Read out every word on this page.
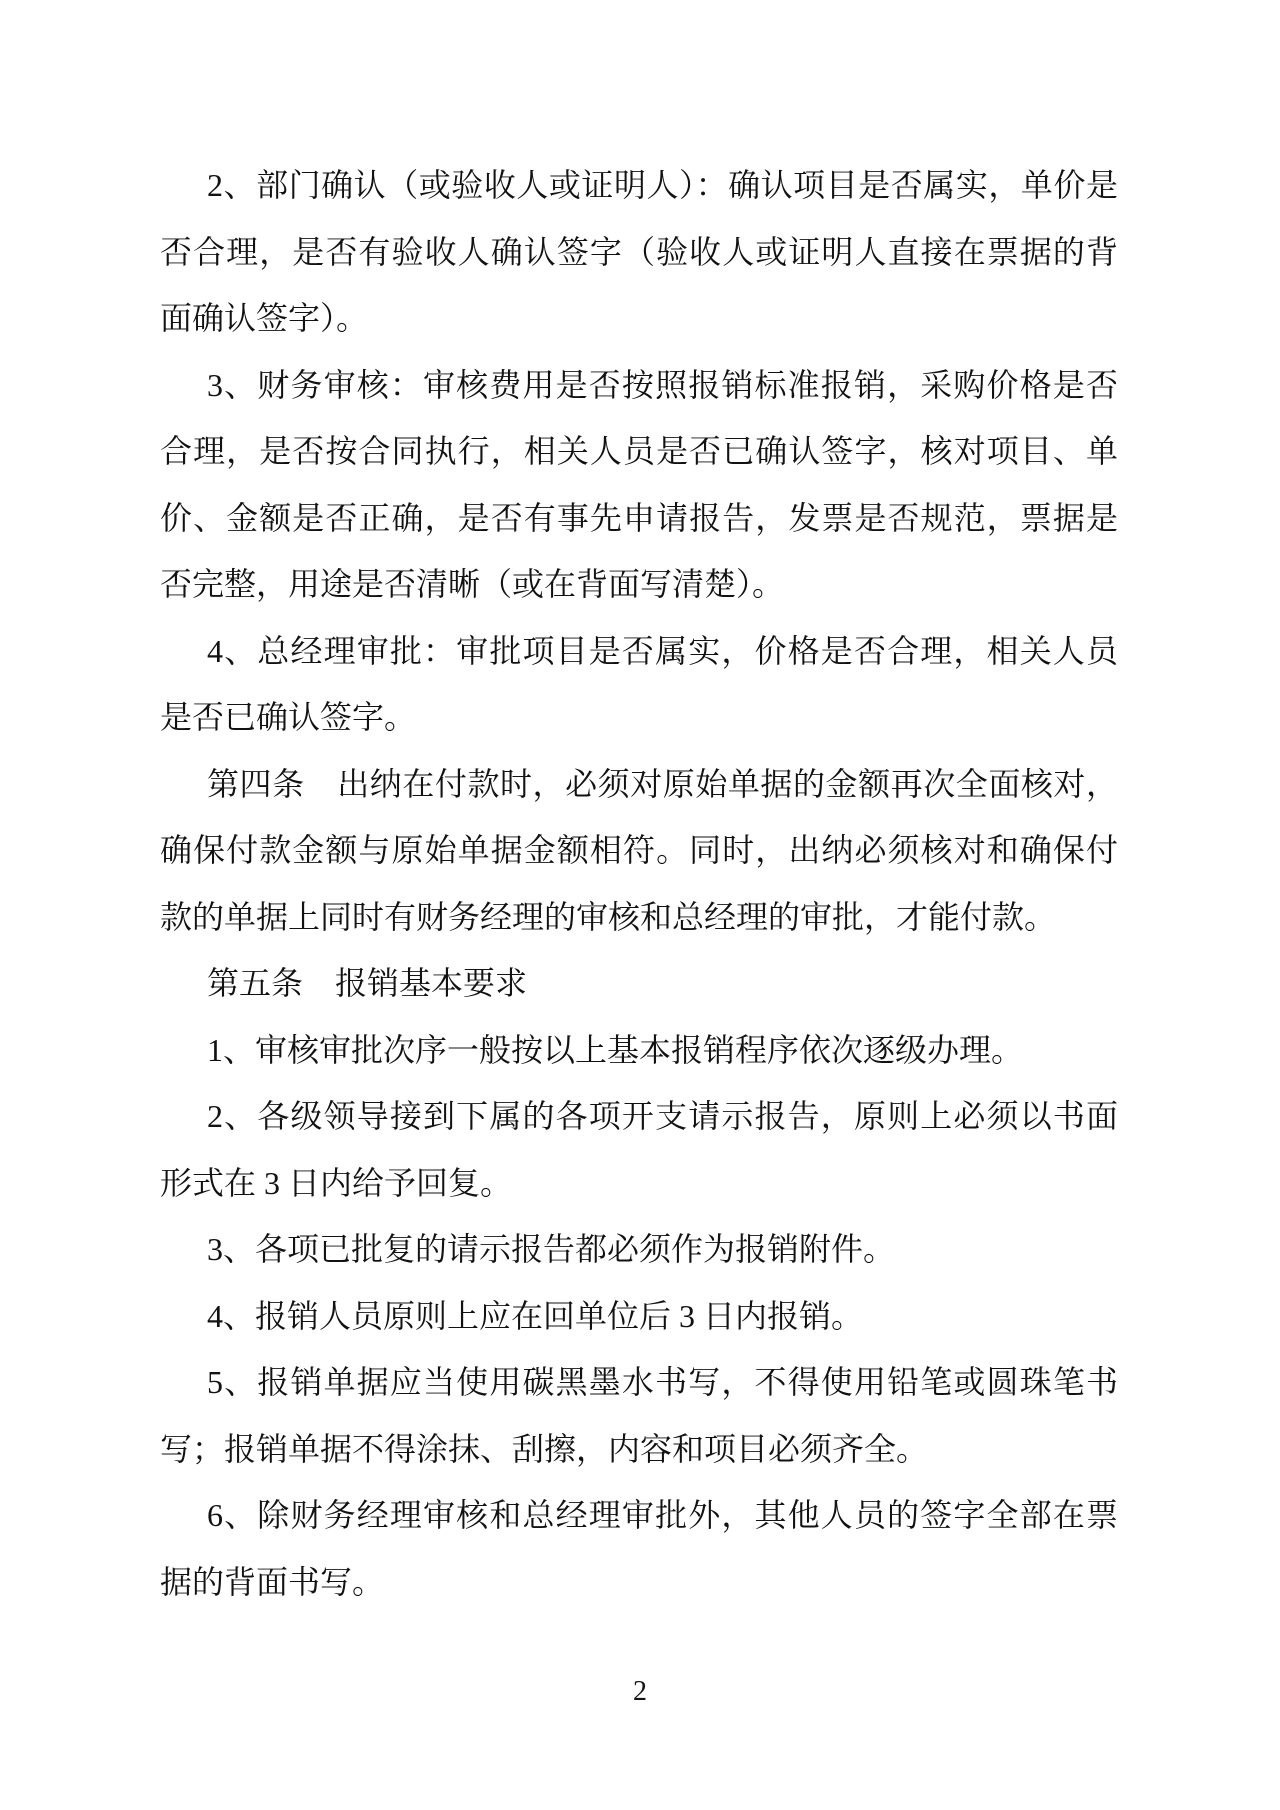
2、部门确认（或验收人或证明人）：确认项目是否属实，单价是否合理，是否有验收人确认签字（验收人或证明人直接在票据的背面确认签字）。

3、财务审核：审核费用是否按照报销标准报销，采购价格是否合理，是否按合同执行，相关人员是否已确认签字，核对项目、单价、金额是否正确，是否有事先申请报告，发票是否规范，票据是否完整，用途是否清晰（或在背面写清楚）。

4、总经理审批：审批项目是否属实，价格是否合理，相关人员是否已确认签字。

第四条　出纳在付款时，必须对原始单据的金额再次全面核对，确保付款金额与原始单据金额相符。同时，出纳必须核对和确保付款的单据上同时有财务经理的审核和总经理的审批，才能付款。

第五条　报销基本要求

1、审核审批次序一般按以上基本报销程序依次逐级办理。

2、各级领导接到下属的各项开支请示报告，原则上必须以书面形式在 3 日内给予回复。

3、各项已批复的请示报告都必须作为报销附件。

4、报销人员原则上应在回单位后 3 日内报销。

5、报销单据应当使用碳黑墨水书写，不得使用铅笔或圆珠笔书写；报销单据不得涂抹、刮擦，内容和项目必须齐全。

6、除财务经理审核和总经理审批外，其他人员的签字全部在票据的背面书写。

2
